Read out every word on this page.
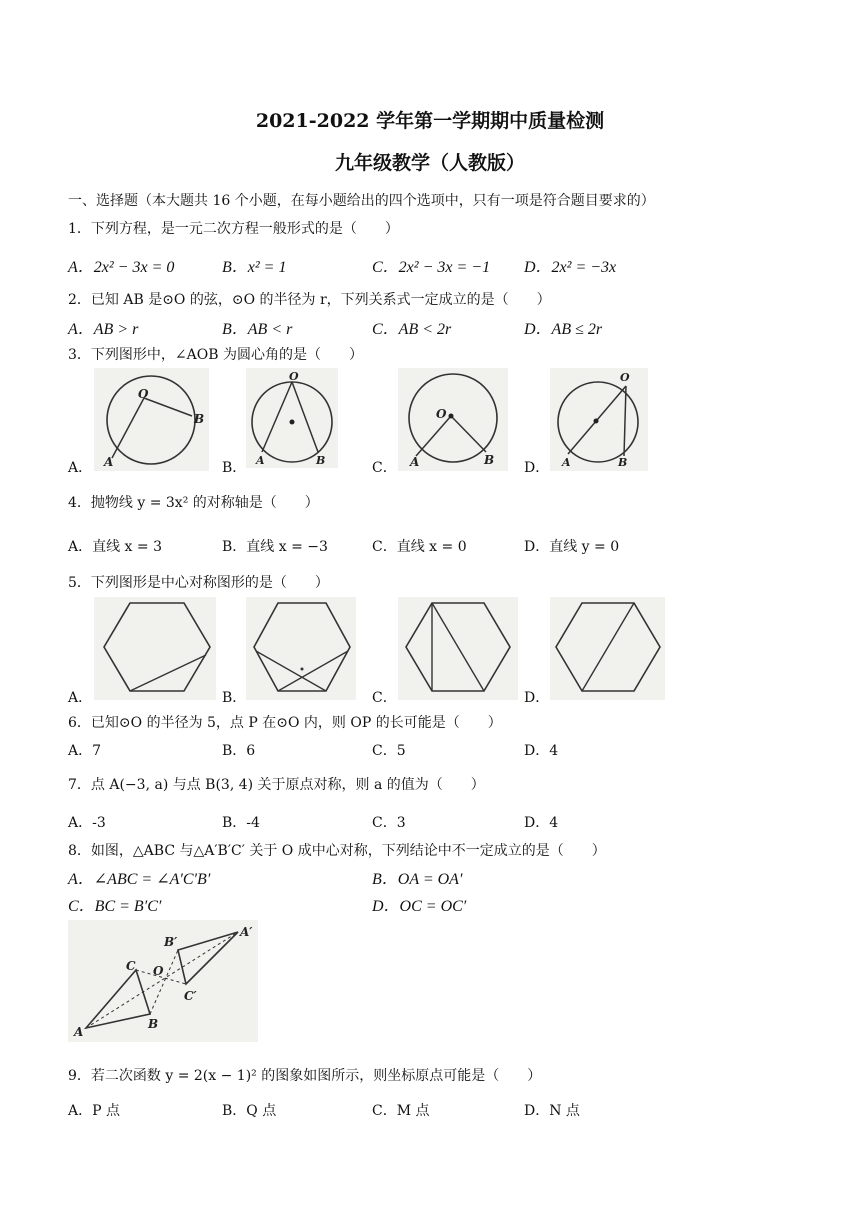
2021-2022 学年第一学期期中质量检测
九年级教学（人教版）
一、选择题（本大题共 16 个小题，在每小题给出的四个选项中，只有一项是符合题目要求的）
1．下列方程，是一元二次方程一般形式的是（　　）
A．2x² − 3x = 0	B．x² = 1	C．2x² − 3x = −1 D．2x² = −3x
2．已知 AB 是⊙O 的弦，⊙O 的半径为 r，下列关系式一定成立的是（　　）
A．AB > r	B．AB < r	C．AB < 2r	D．AB ≤ 2r
3．下列图形中，∠AOB 为圆心角的是（　　）
A．
O
B
A	B．
O
A	B	C．
O
A	B D．
O
A	B
4．抛物线 y = 3x² 的对称轴是（　　）
A．直线 x = 3	B．直线 x = −3	C．直线 x = 0	D．直线 y = 0
5．下列图形是中心对称图形的是（　　）
A．	B．	C．	D．
6．已知⊙O 的半径为 5，点 P 在⊙O 内，则 OP 的长可能是（　　）
A．7	B．6	C．5	D．4
7．点 A(−3, a) 与点 B(3, 4) 关于原点对称，则 a 的值为（　　）
A．-3	B．-4	C．3	D．4
8．如图，△ABC 与△A′B′C′ 关于 O 成中心对称，下列结论中不一定成立的是（　　）
A．∠ABC = ∠A′C′B′	B．OA = OA′
C．BC = B′C′	D．OC = OC′
A
B
C O
A′
B′
C′
9．若二次函数 y = 2(x − 1)² 的图象如图所示，则坐标原点可能是（　　）
A．P 点	B．Q 点	C．M 点	D．N 点
